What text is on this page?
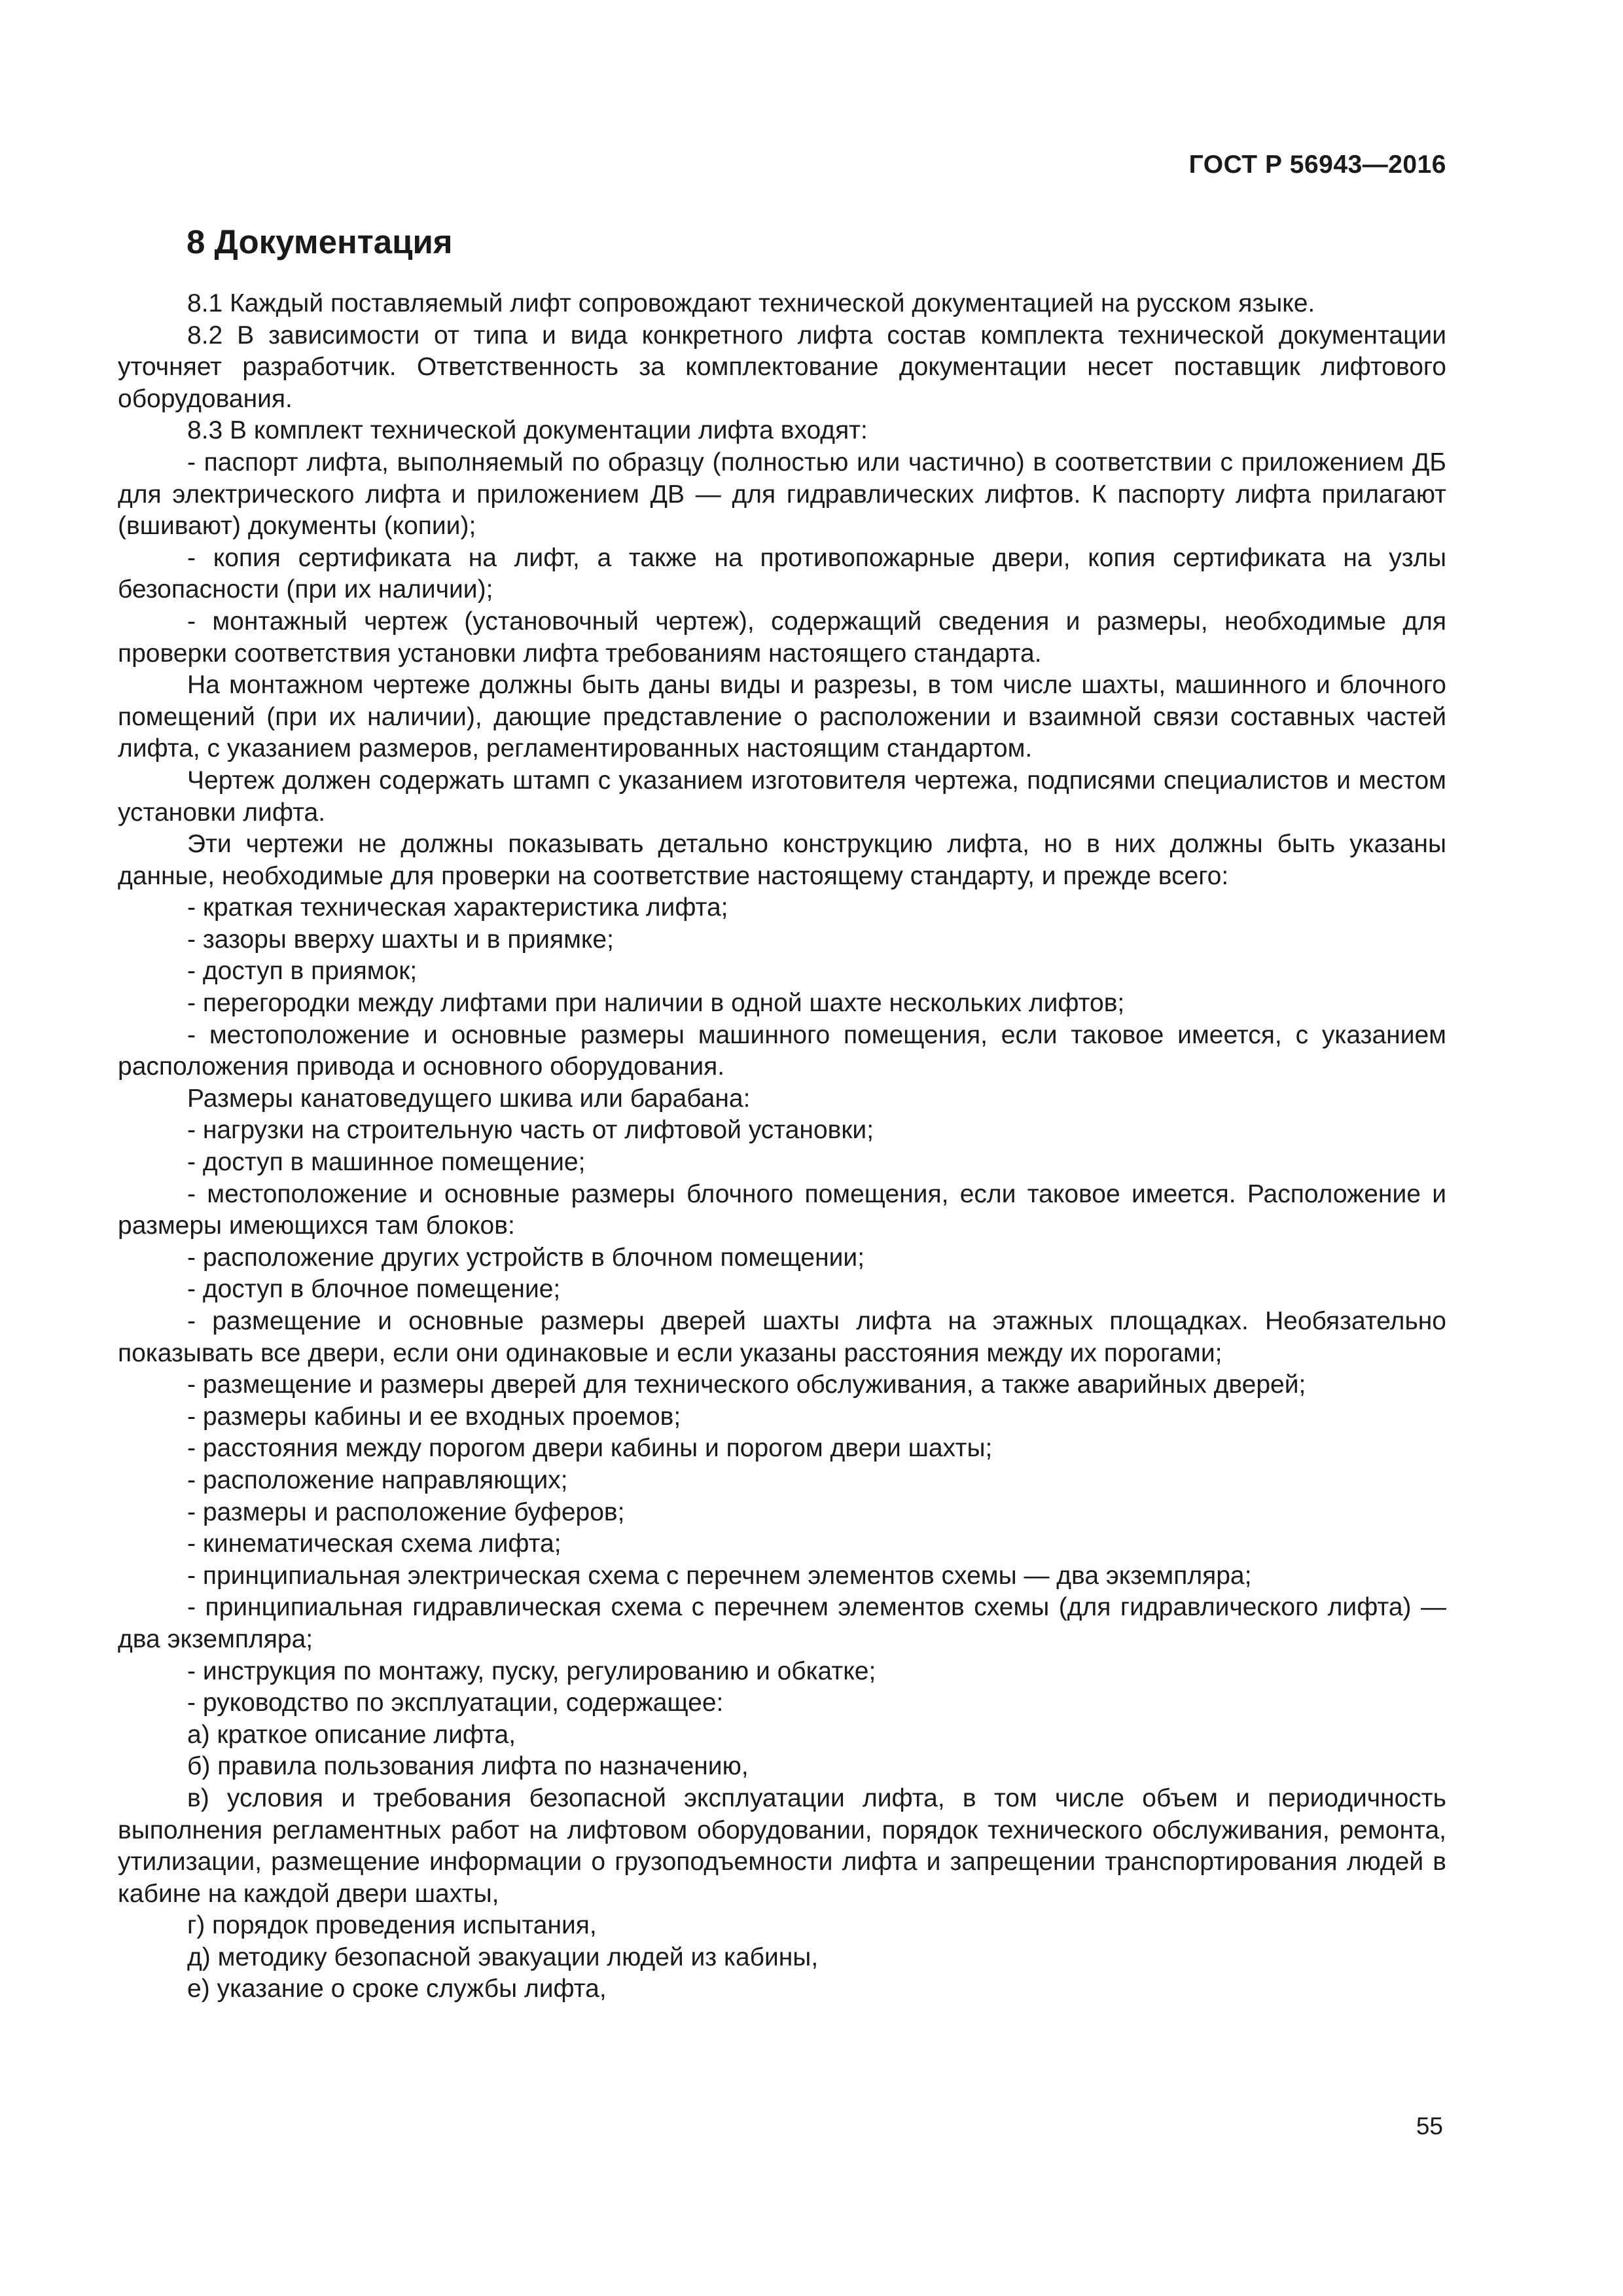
ГОСТ Р 56943—2016
8 Документация

8.1 Каждый поставляемый лифт сопровождают технической документацией на русском языке.

8.2 В зависимости от типа и вида конкретного лифта состав комплекта технической документации уточняет разработчик. Ответственность за комплектование документации несет поставщик лифтового оборудования.

8.3 В комплект технической документации лифта входят:

- паспорт лифта, выполняемый по образцу (полностью или частично) в соответствии с приложением ДБ для электрического лифта и приложением ДВ — для гидравлических лифтов. К паспорту лифта прилагают (вшивают) документы (копии);

- копия сертификата на лифт, а также на противопожарные двери, копия сертификата на узлы безопасности (при их наличии);

- монтажный чертеж (установочный чертеж), содержащий сведения и размеры, необходимые для проверки соответствия установки лифта требованиям настоящего стандарта.

На монтажном чертеже должны быть даны виды и разрезы, в том числе шахты, машинного и блочного помещений (при их наличии), дающие представление о расположении и взаимной связи составных частей лифта, с указанием размеров, регламентированных настоящим стандартом.

Чертеж должен содержать штамп с указанием изготовителя чертежа, подписями специалистов и местом установки лифта.

Эти чертежи не должны показывать детально конструкцию лифта, но в них должны быть указаны данные, необходимые для проверки на соответствие настоящему стандарту, и прежде всего:

- краткая техническая характеристика лифта;

- зазоры вверху шахты и в приямке;

- доступ в приямок;

- перегородки между лифтами при наличии в одной шахте нескольких лифтов;

- местоположение и основные размеры машинного помещения, если таковое имеется, с указанием расположения привода и основного оборудования.

Размеры канатоведущего шкива или барабана:

- нагрузки на строительную часть от лифтовой установки;

- доступ в машинное помещение;

- местоположение и основные размеры блочного помещения, если таковое имеется. Расположение и размеры имеющихся там блоков:

- расположение других устройств в блочном помещении;

- доступ в блочное помещение;

- размещение и основные размеры дверей шахты лифта на этажных площадках. Необязательно показывать все двери, если они одинаковые и если указаны расстояния между их порогами;

- размещение и размеры дверей для технического обслуживания, а также аварийных дверей;

- размеры кабины и ее входных проемов;

- расстояния между порогом двери кабины и порогом двери шахты;

- расположение направляющих;

- размеры и расположение буферов;

- кинематическая схема лифта;

- принципиальная электрическая схема с перечнем элементов схемы — два экземпляра;

- принципиальная гидравлическая схема с перечнем элементов схемы (для гидравлического лифта) — два экземпляра;

- инструкция по монтажу, пуску, регулированию и обкатке;

- руководство по эксплуатации, содержащее:

а) краткое описание лифта,

б) правила пользования лифта по назначению,

в) условия и требования безопасной эксплуатации лифта, в том числе объем и периодичность выполнения регламентных работ на лифтовом оборудовании, порядок технического обслуживания, ремонта, утилизации, размещение информации о грузоподъемности лифта и запрещении транспортирования людей в кабине на каждой двери шахты,

г) порядок проведения испытания,

д) методику безопасной эвакуации людей из кабины,

е) указание о сроке службы лифта,

55
